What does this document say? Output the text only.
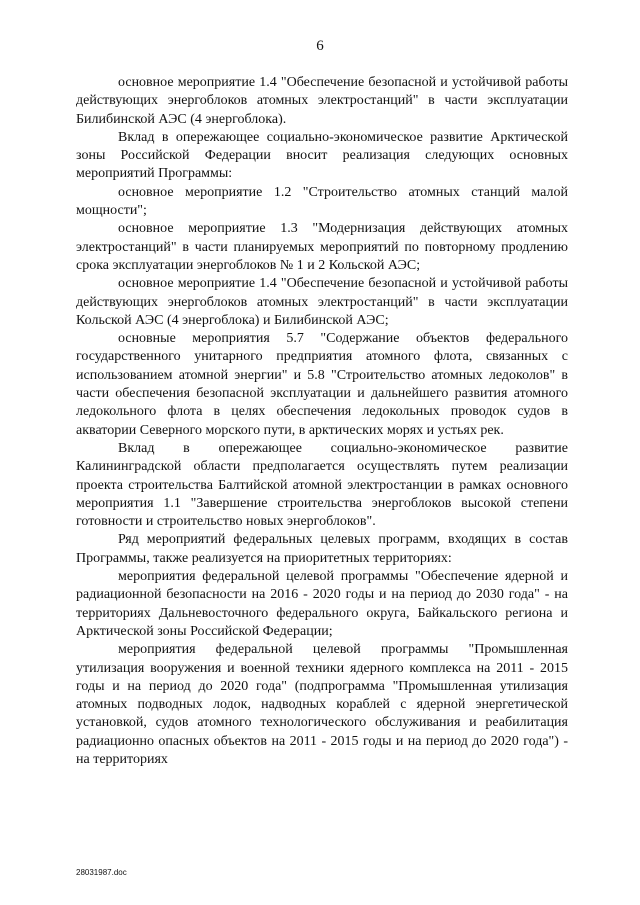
6

основное мероприятие 1.4 "Обеспечение безопасной и устойчивой работы действующих энергоблоков атомных электростанций" в части эксплуатации Билибинской АЭС (4 энергоблока).

Вклад в опережающее социально-экономическое развитие Арктической зоны Российской Федерации вносит реализация следующих основных мероприятий Программы:

основное мероприятие 1.2 "Строительство атомных станций малой мощности";

основное мероприятие 1.3 "Модернизация действующих атомных электростанций" в части планируемых мероприятий по повторному продлению срока эксплуатации энергоблоков № 1 и 2 Кольской АЭС;

основное мероприятие 1.4 "Обеспечение безопасной и устойчивой работы действующих энергоблоков атомных электростанций" в части эксплуатации Кольской АЭС (4 энергоблока) и Билибинской АЭС;

основные мероприятия 5.7 "Содержание объектов федерального государственного унитарного предприятия атомного флота, связанных с использованием атомной энергии" и 5.8 "Строительство атомных ледоколов" в части обеспечения безопасной эксплуатации и дальнейшего развития атомного ледокольного флота в целях обеспечения ледокольных проводок судов в акватории Северного морского пути, в арктических морях и устьях рек.

Вклад в опережающее социально-экономическое развитие Калининградской области предполагается осуществлять путем реализации проекта строительства Балтийской атомной электростанции в рамках основного мероприятия 1.1 "Завершение строительства энергоблоков высокой степени готовности и строительство новых энергоблоков".

Ряд мероприятий федеральных целевых программ, входящих в состав Программы, также реализуется на приоритетных территориях:

мероприятия федеральной целевой программы "Обеспечение ядерной и радиационной безопасности на 2016 - 2020 годы и на период до 2030 года" - на территориях Дальневосточного федерального округа, Байкальского региона и Арктической зоны Российской Федерации;

мероприятия федеральной целевой программы "Промышленная утилизация вооружения и военной техники ядерного комплекса на 2011 - 2015 годы и на период до 2020 года" (подпрограмма "Промышленная утилизация атомных подводных лодок, надводных кораблей с ядерной энергетической установкой, судов атомного технологического обслуживания и реабилитация радиационно опасных объектов на 2011 - 2015 годы и на период до 2020 года") - на территориях

28031987.doc
